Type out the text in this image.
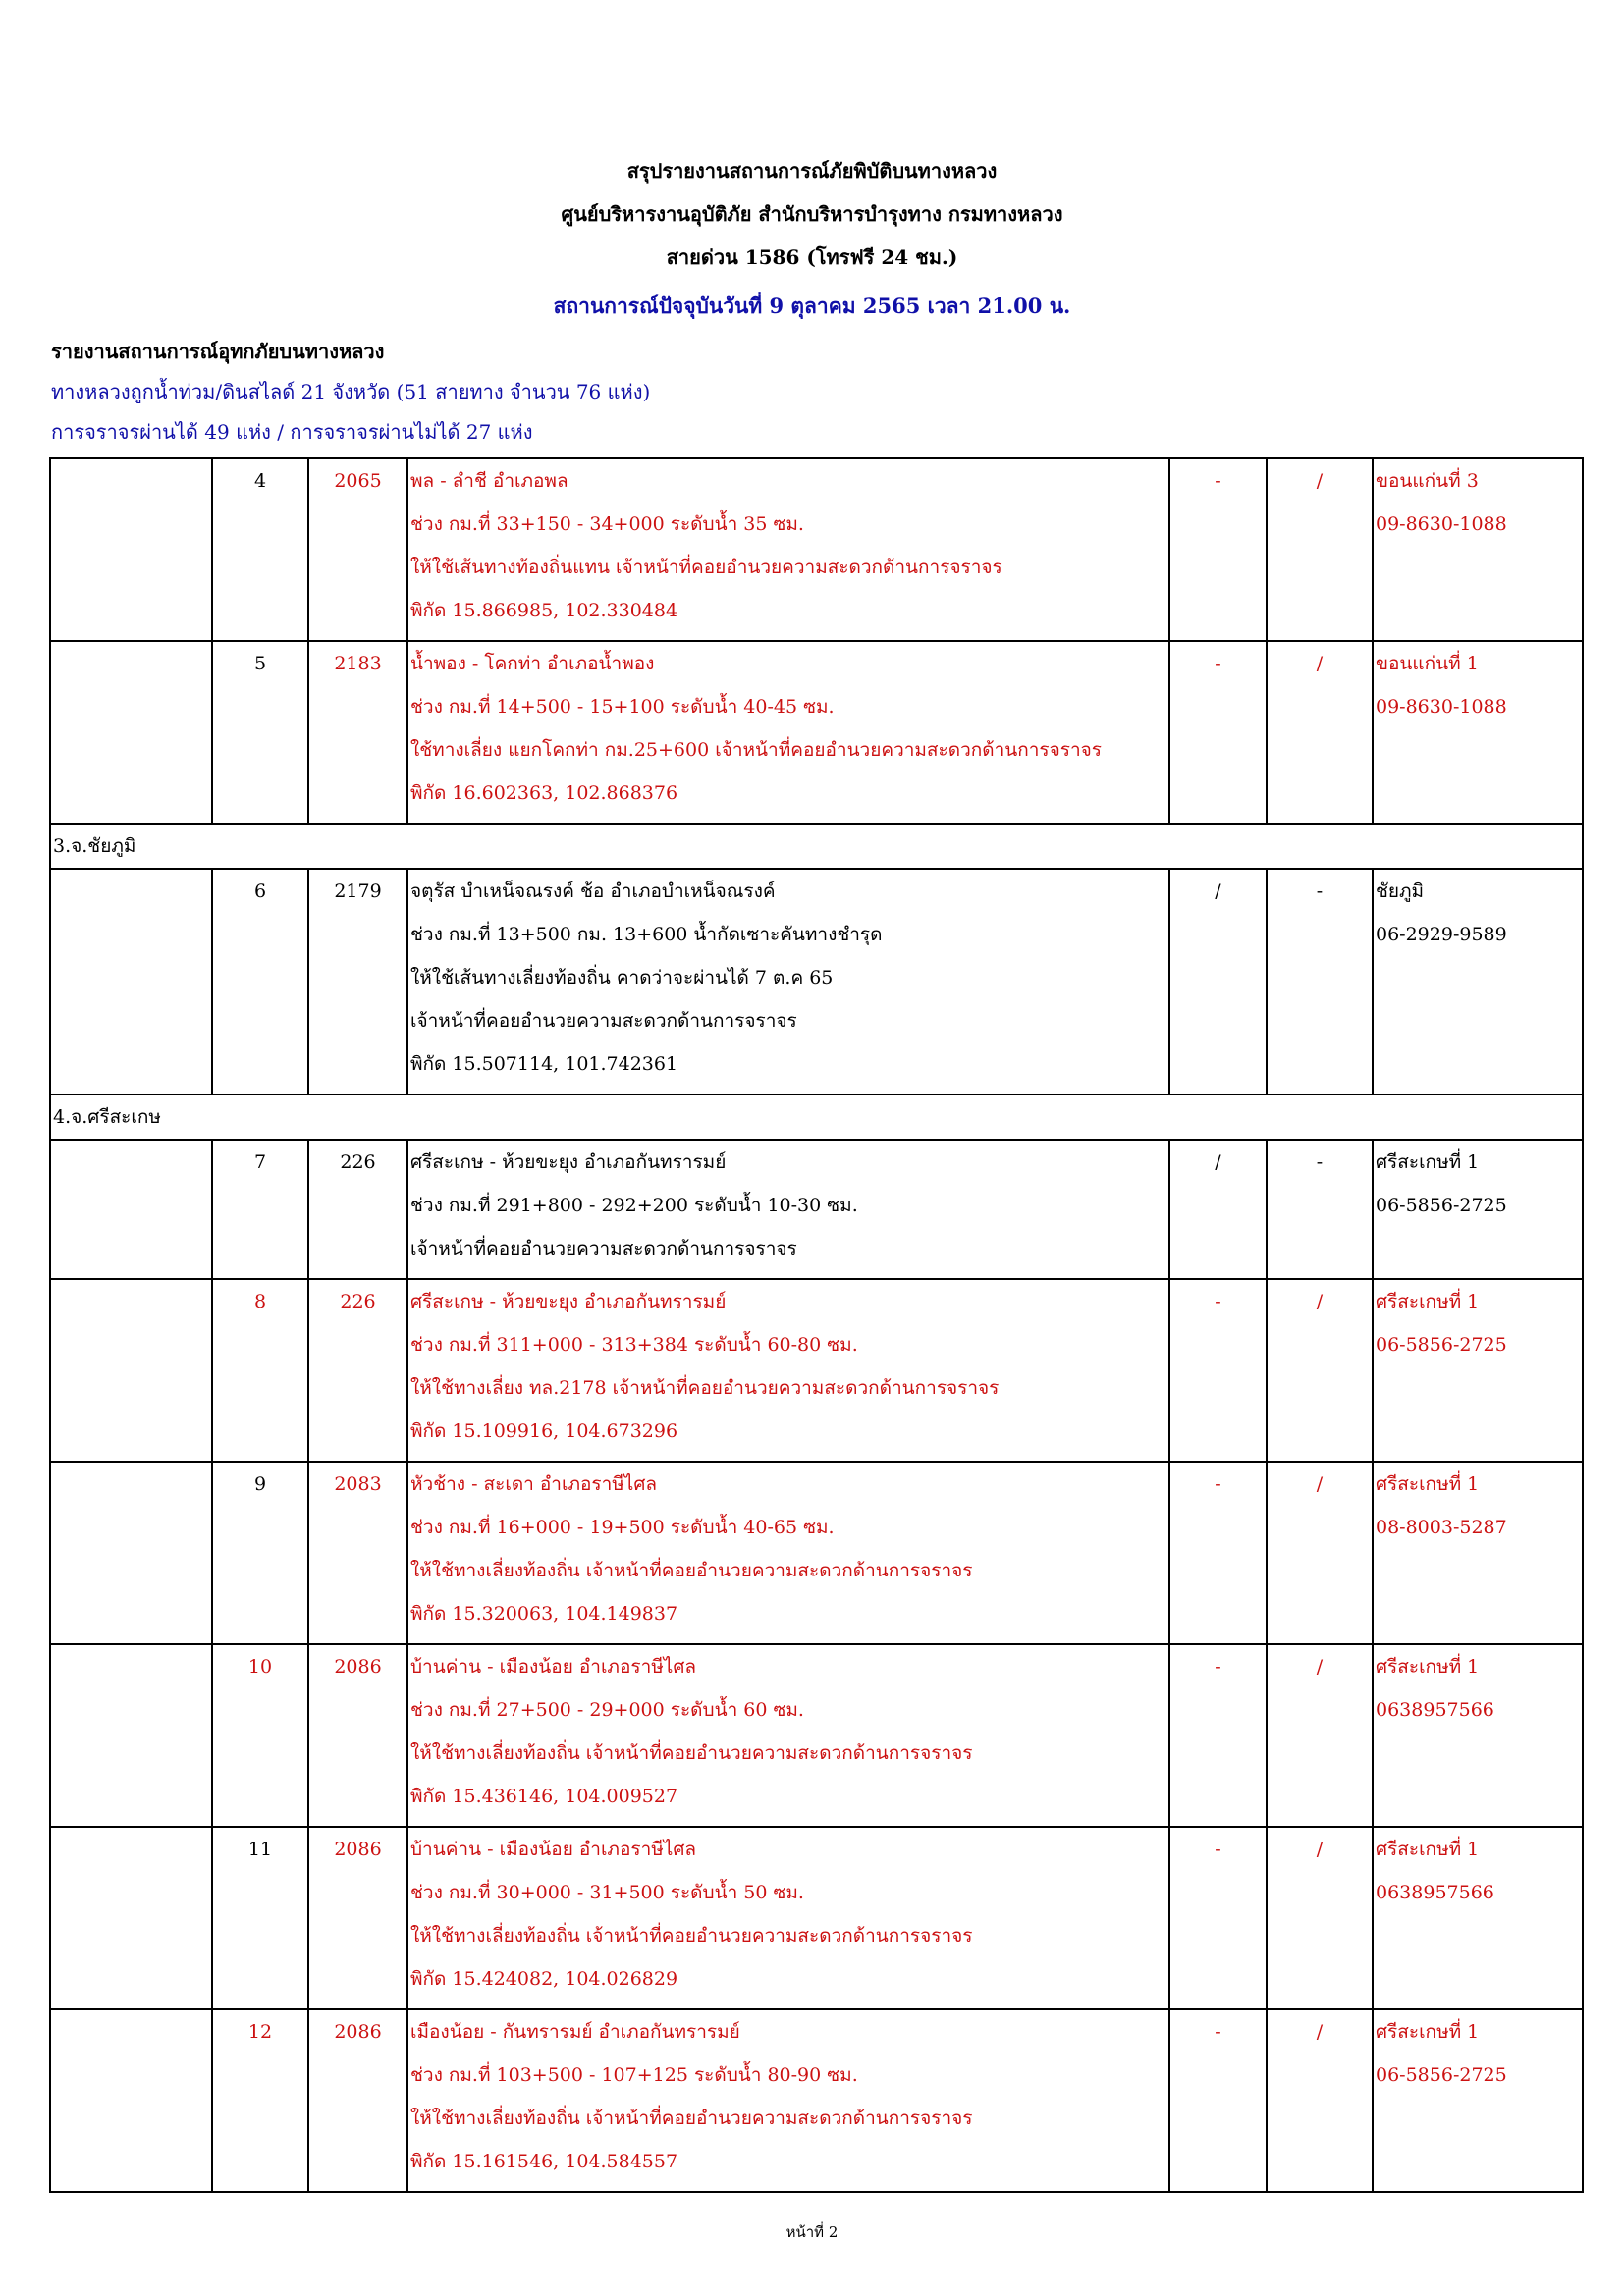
สรุปรายงานสถานการณ์ภัยพิบัติบนทางหลวง
ศูนย์บริหารงานอุบัติภัย สำนักบริหารบำรุงทาง กรมทางหลวง
สายด่วน 1586 (โทรฟรี 24 ชม.)
สถานการณ์ปัจจุบันวันที่ 9 ตุลาคม 2565 เวลา 21.00 น.
รายงานสถานการณ์อุทกภัยบนทางหลวง
ทางหลวงถูกน้ำท่วม/ดินสไลด์ 21 จังหวัด (51 สายทาง จำนวน 76 แห่ง)
การจราจรผ่านได้ 49 แห่ง / การจราจรผ่านไม่ได้ 27 แห่ง
	4	2065	พล - ลำชี อำเภอพล
ช่วง กม.ที่ 33+150 - 34+000 ระดับน้ำ 35 ซม.
ให้ใช้เส้นทางท้องถิ่นแทน เจ้าหน้าที่คอยอำนวยความสะดวกด้านการจราจร
พิกัด 15.866985, 102.330484	-	/	ขอนแก่นที่ 3
09-8630-1088

	5	2183	น้ำพอง - โคกท่า อำเภอน้ำพอง
ช่วง กม.ที่ 14+500 - 15+100 ระดับน้ำ 40-45 ซม.
ใช้ทางเลี่ยง แยกโคกท่า กม.25+600 เจ้าหน้าที่คอยอำนวยความสะดวกด้านการจราจร
พิกัด 16.602363, 102.868376	-	/	ขอนแก่นที่ 1
09-8630-1088

3.จ.ชัยภูมิ						
	6	2179	จตุรัส บำเหน็จณรงค์ ช้อ อำเภอบำเหน็จณรงค์
ช่วง กม.ที่ 13+500 กม. 13+600 น้ำกัดเซาะคันทางชำรุด
ให้ใช้เส้นทางเลี่ยงท้องถิ่น คาดว่าจะผ่านได้ 7 ต.ค 65
เจ้าหน้าที่คอยอำนวยความสะดวกด้านการจราจร
พิกัด 15.507114, 101.742361	/	-	ชัยภูมิ
06-2929-9589

4.จ.ศรีสะเกษ						
	7	226	ศรีสะเกษ - ห้วยขะยุง อำเภอกันทรารมย์
ช่วง กม.ที่ 291+800 - 292+200 ระดับน้ำ 10-30 ซม.
เจ้าหน้าที่คอยอำนวยความสะดวกด้านการจราจร	/	-	ศรีสะเกษที่ 1
06-5856-2725

	8	226	ศรีสะเกษ - ห้วยขะยุง อำเภอกันทรารมย์
ช่วง กม.ที่ 311+000 - 313+384 ระดับน้ำ 60-80 ซม.
ให้ใช้ทางเลี่ยง ทล.2178 เจ้าหน้าที่คอยอำนวยความสะดวกด้านการจราจร
พิกัด 15.109916, 104.673296	-	/	ศรีสะเกษที่ 1
06-5856-2725

	9	2083	หัวช้าง - สะเดา อำเภอราษีไศล
ช่วง กม.ที่ 16+000 - 19+500 ระดับน้ำ 40-65 ซม.
ให้ใช้ทางเลี่ยงท้องถิ่น เจ้าหน้าที่คอยอำนวยความสะดวกด้านการจราจร
พิกัด 15.320063, 104.149837	-	/	ศรีสะเกษที่ 1
08-8003-5287

	10	2086	บ้านค่าน - เมืองน้อย อำเภอราษีไศล
ช่วง กม.ที่ 27+500 - 29+000 ระดับน้ำ 60 ซม.
ให้ใช้ทางเลี่ยงท้องถิ่น เจ้าหน้าที่คอยอำนวยความสะดวกด้านการจราจร
พิกัด 15.436146, 104.009527	-	/	ศรีสะเกษที่ 1
0638957566

	11	2086	บ้านค่าน - เมืองน้อย อำเภอราษีไศล
ช่วง กม.ที่ 30+000 - 31+500 ระดับน้ำ 50 ซม.
ให้ใช้ทางเลี่ยงท้องถิ่น เจ้าหน้าที่คอยอำนวยความสะดวกด้านการจราจร
พิกัด 15.424082, 104.026829	-	/	ศรีสะเกษที่ 1
0638957566

	12	2086	เมืองน้อย - กันทรารมย์ อำเภอกันทรารมย์
ช่วง กม.ที่ 103+500 - 107+125 ระดับน้ำ 80-90 ซม.
ให้ใช้ทางเลี่ยงท้องถิ่น เจ้าหน้าที่คอยอำนวยความสะดวกด้านการจราจร
พิกัด 15.161546, 104.584557	-	/	ศรีสะเกษที่ 1
06-5856-2725
หน้าที่ 2
